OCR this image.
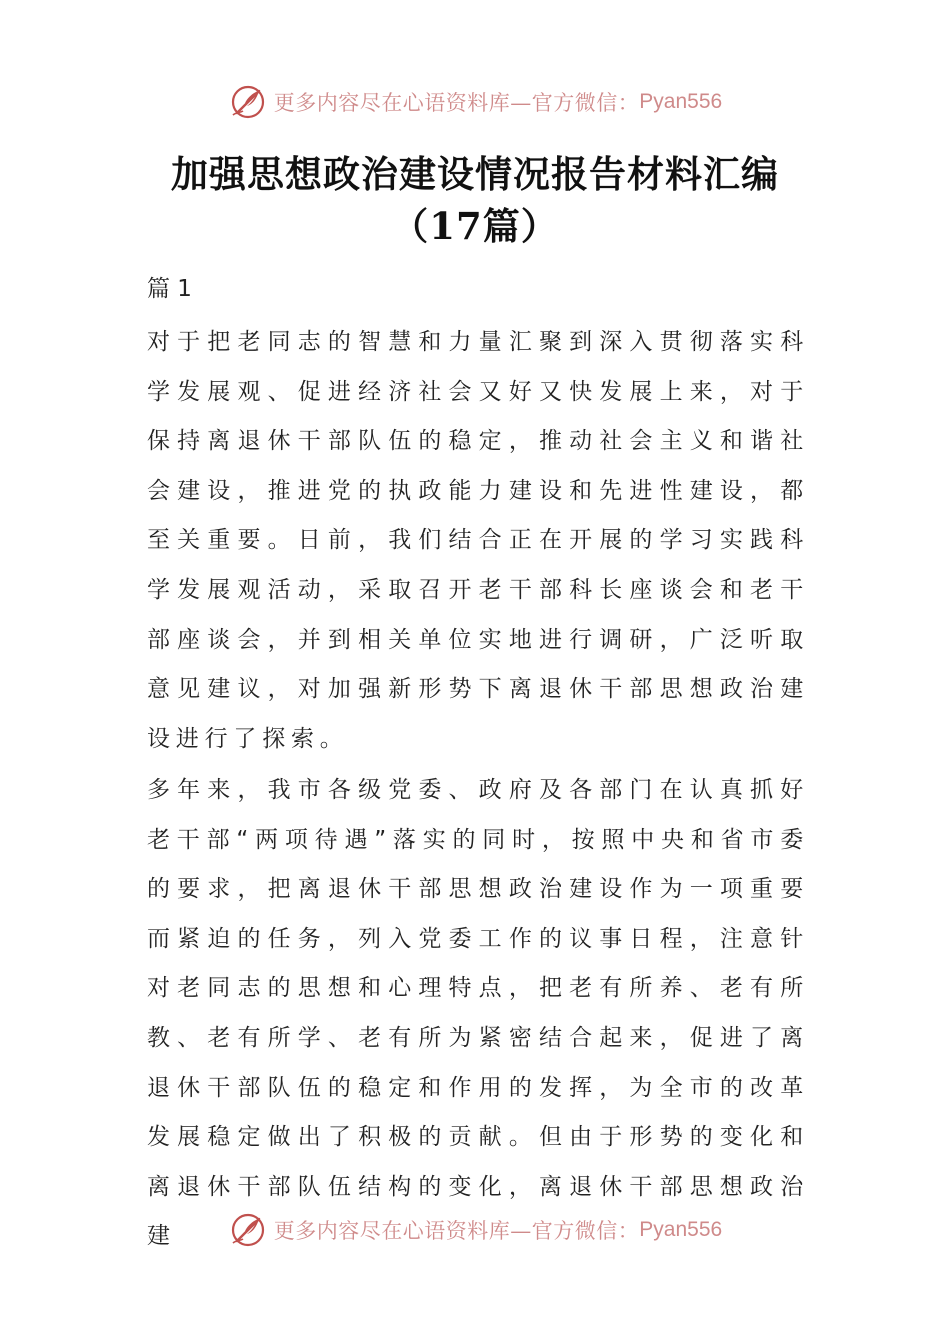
更多内容尽在心语资料库—官方微信： Pyan556
加强思想政治建设情况报告材料汇编
（17篇）
篇 1
对于把老同志的智慧和力量汇聚到深入贯彻落实科学发展观、促进经济社会又好又快发展上来，对于保持离退休干部队伍的稳定，推动社会主义和谐社会建设，推进党的执政能力建设和先进性建设，都至关重要。日前，我们结合正在开展的学习实践科学发展观活动，采取召开老干部科长座谈会和老干部座谈会，并到相关单位实地进行调研，广泛听取意见建议，对加强新形势下离退休干部思想政治建设进行了探索。
多年来，我市各级党委、政府及各部门在认真抓好老干部“两项待遇”落实的同时，按照中央和省市委的要求，把离退休干部思想政治建设作为一项重要而紧迫的任务，列入党委工作的议事日程，注意针对老同志的思想和心理特点，把老有所养、老有所教、老有所学、老有所为紧密结合起来，促进了离退休干部队伍的稳定和作用的发挥，为全市的改革发展稳定做出了积极的贡献。但由于形势的变化和离退休干部队伍结构的变化，离退休干部思想政治建	更多内容尽在心语资料库—官方微信： Pyan556
